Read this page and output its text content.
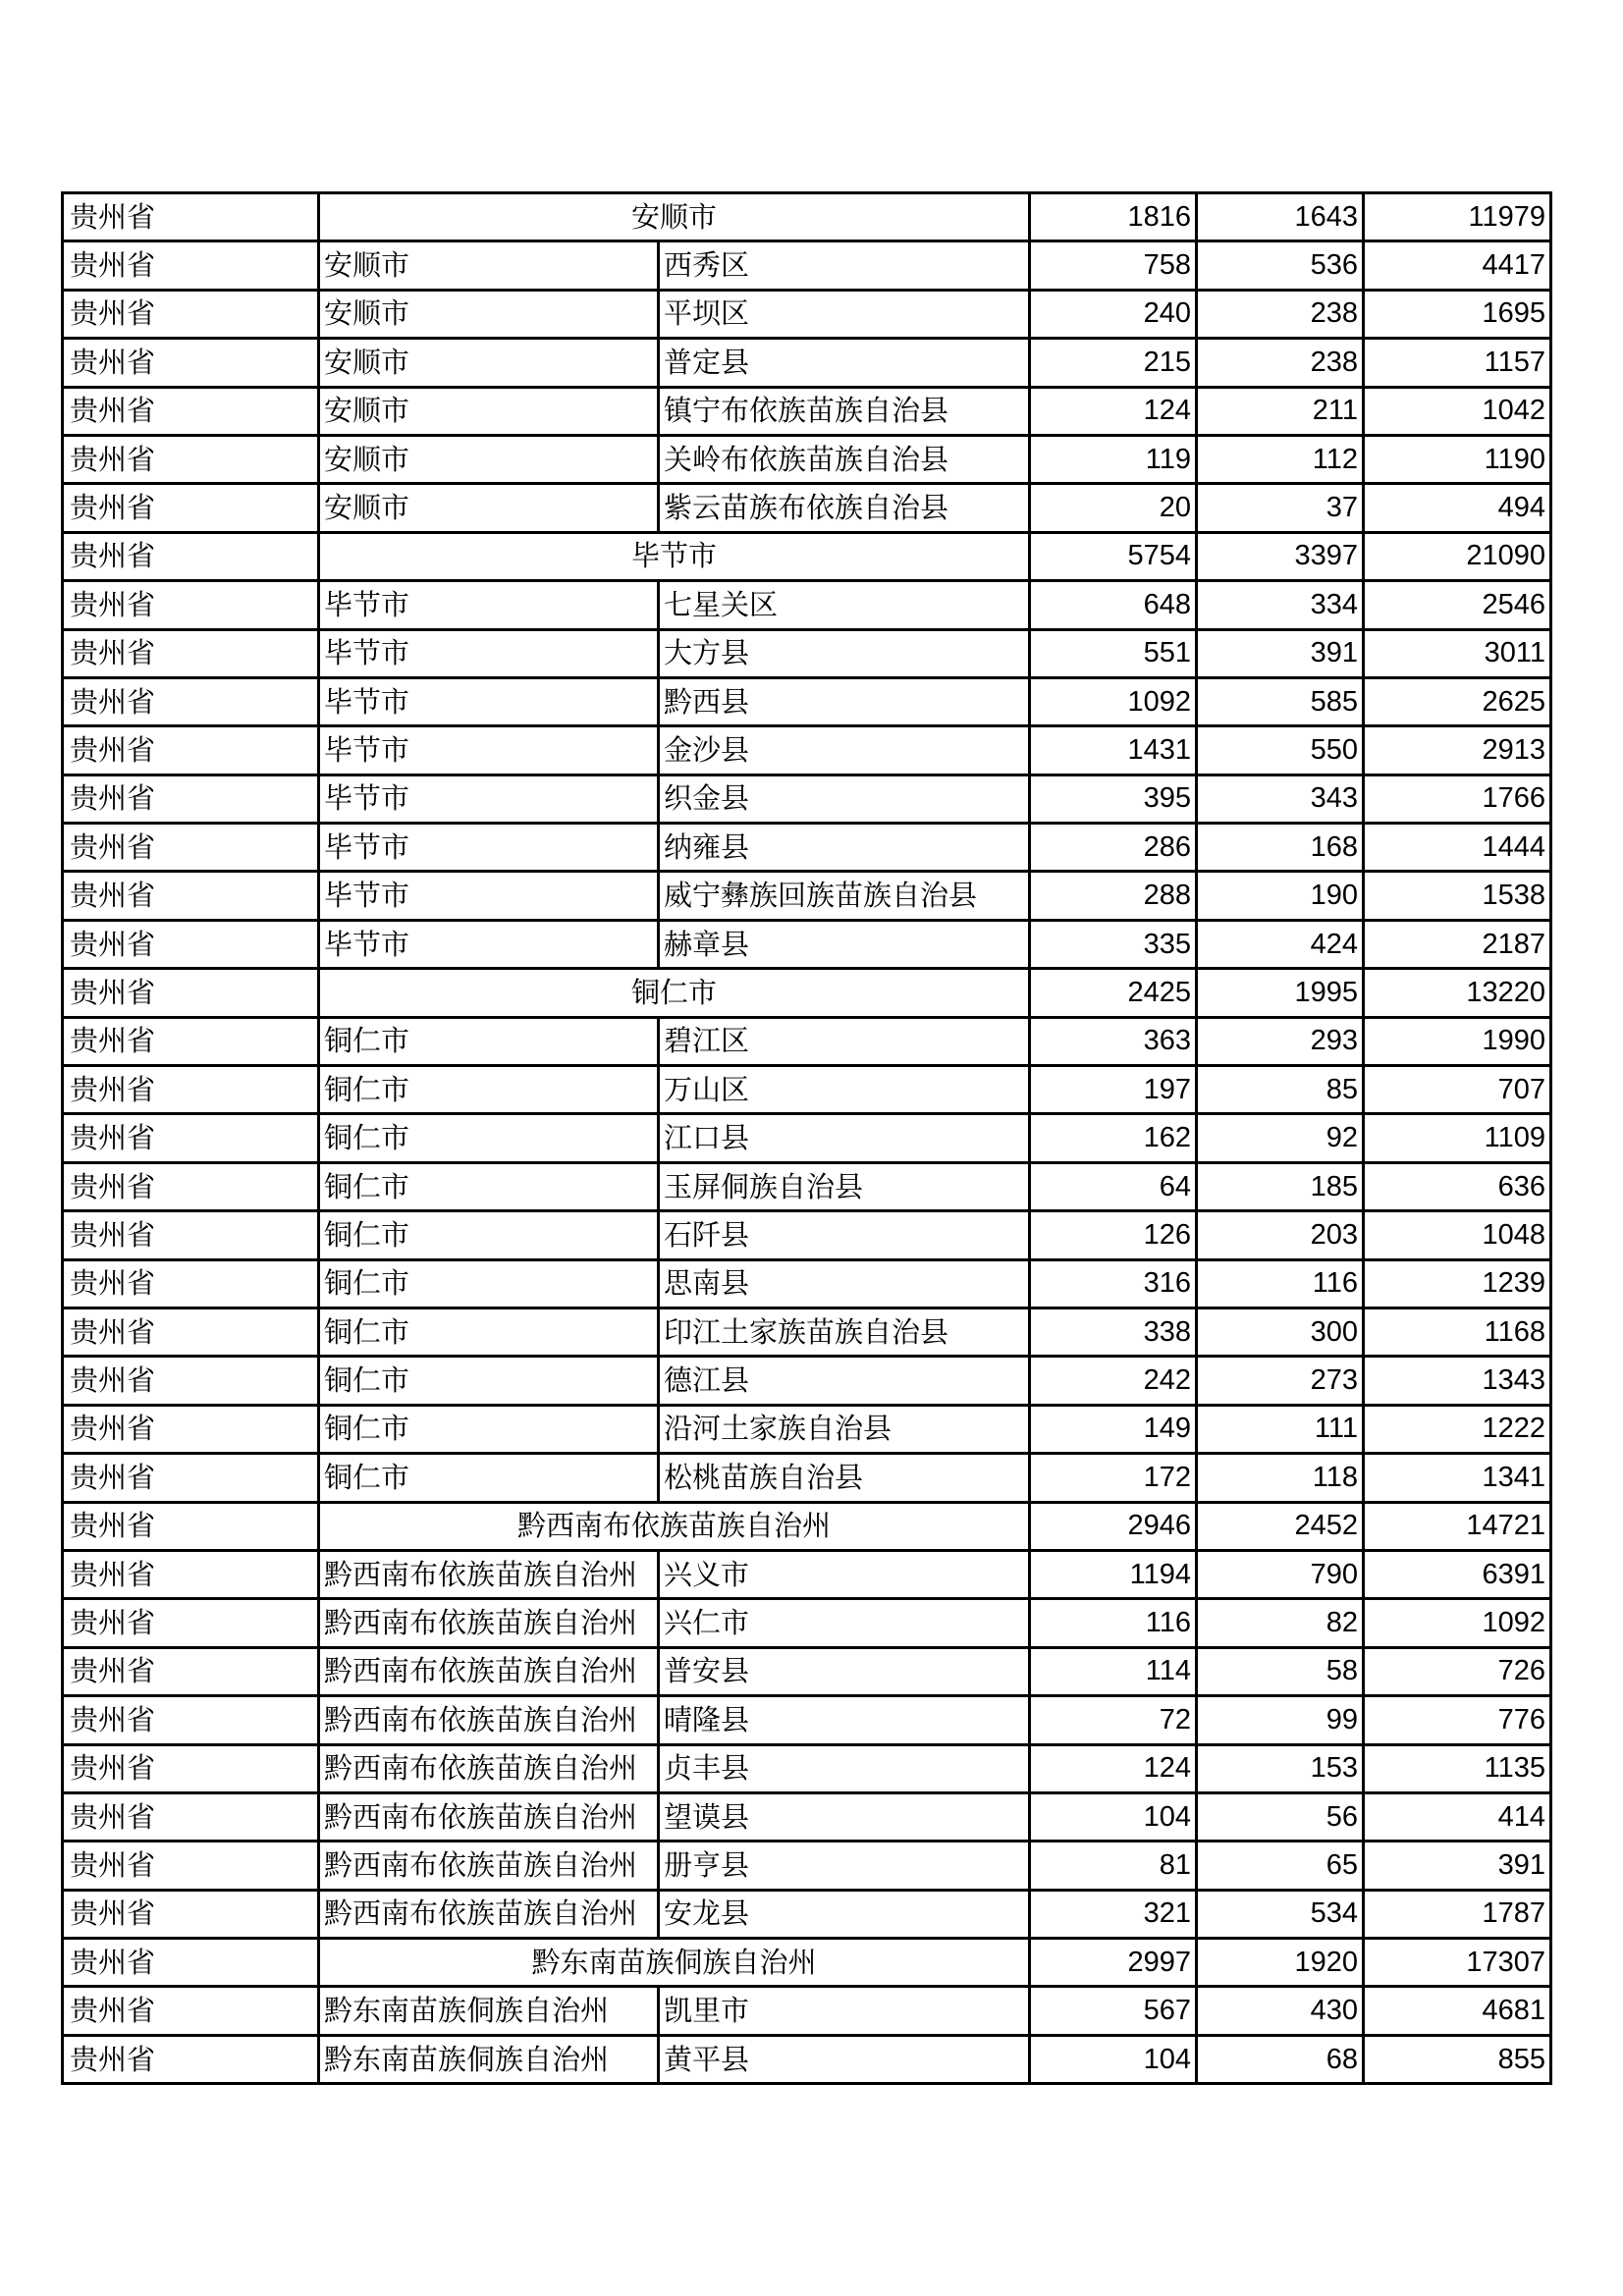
贵州省	安顺市		1816	1643	11979
贵州省	安顺市	西秀区	758	536	4417
贵州省	安顺市	平坝区	240	238	1695
贵州省	安顺市	普定县	215	238	1157
贵州省	安顺市	镇宁布依族苗族自治县	124	211	1042
贵州省	安顺市	关岭布依族苗族自治县	119	112	1190
贵州省	安顺市	紫云苗族布依族自治县	20	37	494
贵州省	毕节市		5754	3397	21090
贵州省	毕节市	七星关区	648	334	2546
贵州省	毕节市	大方县	551	391	3011
贵州省	毕节市	黔西县	1092	585	2625
贵州省	毕节市	金沙县	1431	550	2913
贵州省	毕节市	织金县	395	343	1766
贵州省	毕节市	纳雍县	286	168	1444
贵州省	毕节市	威宁彝族回族苗族自治县	288	190	1538
贵州省	毕节市	赫章县	335	424	2187
贵州省	铜仁市		2425	1995	13220
贵州省	铜仁市	碧江区	363	293	1990
贵州省	铜仁市	万山区	197	85	707
贵州省	铜仁市	江口县	162	92	1109
贵州省	铜仁市	玉屏侗族自治县	64	185	636
贵州省	铜仁市	石阡县	126	203	1048
贵州省	铜仁市	思南县	316	116	1239
贵州省	铜仁市	印江土家族苗族自治县	338	300	1168
贵州省	铜仁市	德江县	242	273	1343
贵州省	铜仁市	沿河土家族自治县	149	111	1222
贵州省	铜仁市	松桃苗族自治县	172	118	1341
贵州省	黔西南布依族苗族自治州		2946	2452	14721
贵州省	黔西南布依族苗族自治州	兴义市	1194	790	6391
贵州省	黔西南布依族苗族自治州	兴仁市	116	82	1092
贵州省	黔西南布依族苗族自治州	普安县	114	58	726
贵州省	黔西南布依族苗族自治州	晴隆县	72	99	776
贵州省	黔西南布依族苗族自治州	贞丰县	124	153	1135
贵州省	黔西南布依族苗族自治州	望谟县	104	56	414
贵州省	黔西南布依族苗族自治州	册亨县	81	65	391
贵州省	黔西南布依族苗族自治州	安龙县	321	534	1787
贵州省	黔东南苗族侗族自治州		2997	1920	17307
贵州省	黔东南苗族侗族自治州	凯里市	567	430	4681
贵州省	黔东南苗族侗族自治州	黄平县	104	68	855
